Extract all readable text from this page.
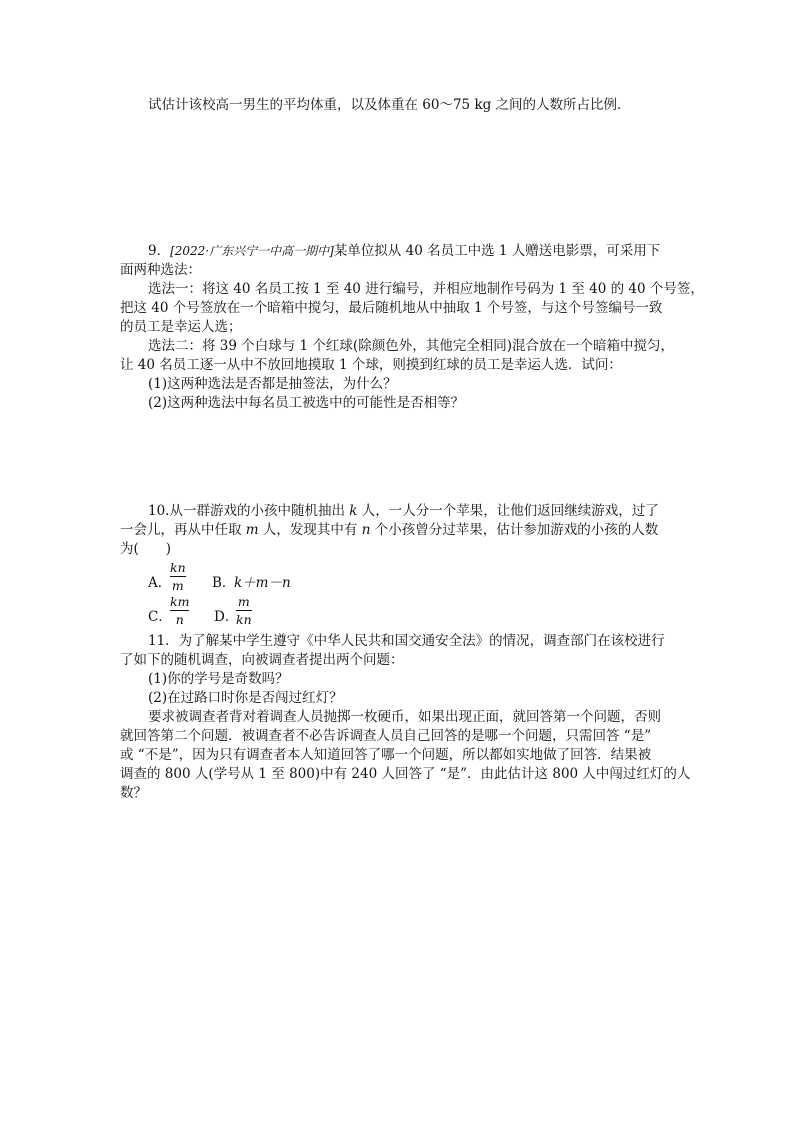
试估计该校高一男生的平均体重，以及体重在 60～75 kg 之间的人数所占比例．
9．[2022·广东兴宁一中高一期中]某单位拟从 40 名员工中选 1 人赠送电影票，可采用下
面两种选法：
选法一：将这 40 名员工按 1 至 40 进行编号，并相应地制作号码为 1 至 40 的 40 个号签，
把这 40 个号签放在一个暗箱中搅匀，最后随机地从中抽取 1 个号签，与这个号签编号一致
的员工是幸运人选；
选法二：将 39 个白球与 1 个红球(除颜色外，其他完全相同)混合放在一个暗箱中搅匀，
让 40 名员工逐一从中不放回地摸取 1 个球，则摸到红球的员工是幸运人选．试问：
(1)这两种选法是否都是抽签法，为什么？
(2)这两种选法中每名员工被选中的可能性是否相等？
10.从一群游戏的小孩中随机抽出 k 人，一人分一个苹果，让他们返回继续游戏，过了
一会儿，再从中任取 m 人，发现其中有 n 个小孩曾分过苹果，估计参加游戏的小孩的人数
为(　　)
A．
kn
m B．
k＋m－n
C．
km
n D．
m
kn
11．为了解某中学生遵守《中华人民共和国交通安全法》的情况，调查部门在该校进行
了如下的随机调查，向被调查者提出两个问题：
(1)你的学号是奇数吗？
(2)在过路口时你是否闯过红灯？
要求被调查者背对着调查人员抛掷一枚硬币，如果出现正面，就回答第一个问题，否则
就回答第二个问题．被调查者不必告诉调查人员自己回答的是哪一个问题，只需回答 “是”
或 “不是”，因为只有调查者本人知道回答了哪一个问题，所以都如实地做了回答．结果被
调查的 800 人(学号从 1 至 800)中有 240 人回答了 “是”．由此估计这 800 人中闯过红灯的人
数？
